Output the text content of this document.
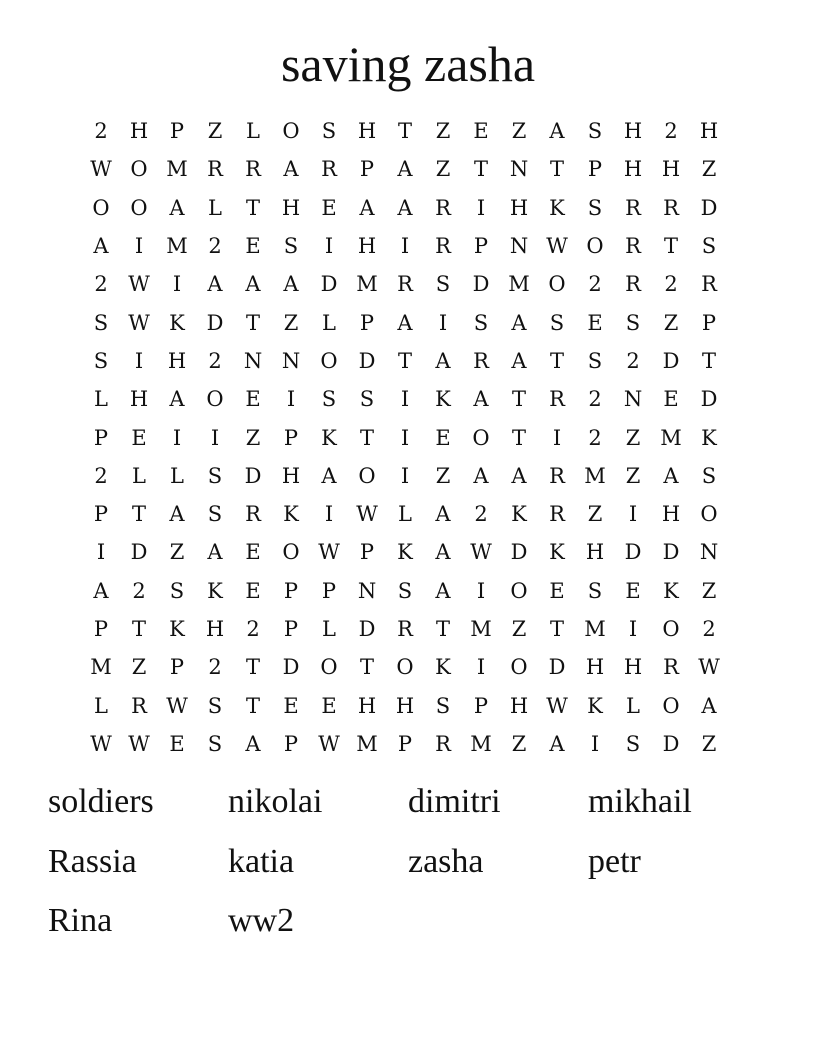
saving zasha
2	H	P	Z	L	O	S	H	T	Z	E	Z	A	S	H	2	H
W O M R	R	A	R	P	A	Z	T	N	T	P	H H	Z
O O	A	L	T	H	E	A	A	R	I	H K	S	R	R	D
A	I	M 2	E	S	I	H	I	R	P	N W O	R	T	S
2 W	I	A	A	A	D M R	S	D M O	2	R	2	R
S W K	D	T	Z	L	P	A	I	S	A	S	E	S	Z	P
S	I	H	2	N N O D	T	A	R	A	T	S	2	D	T
L	H	A	O	E	I	S	S	I	K	A	T	R	2	N	E	D
P	E	I	I	Z	P	K	T	I	E	O	T	I	2	Z M K
2	L	L	S	D H	A	O	I	Z	A	A	R M Z	A	S
P	T	A	S	R	K	I	W L	A	2	K	R	Z	I	H O
I	D	Z	A	E	O W P	K	A W D	K H D	D N
A	2	S	K	E	P	P	N	S	A	I	O	E	S	E	K	Z
P	T	K H	2	P	L	D	R	T M Z	T M	I	O	2
M Z	P	2	T	D O	T	O	K	I	O D H H R W
L	R W S	T	E	E	H H	S	P	H W K	L	O	A
W W E	S	A	P W M P	R M Z	A	I	S	D	Z
soldiers	nikolai	dimitri	mikhail
Rassia	katia	zasha	petr
Rina	ww2
